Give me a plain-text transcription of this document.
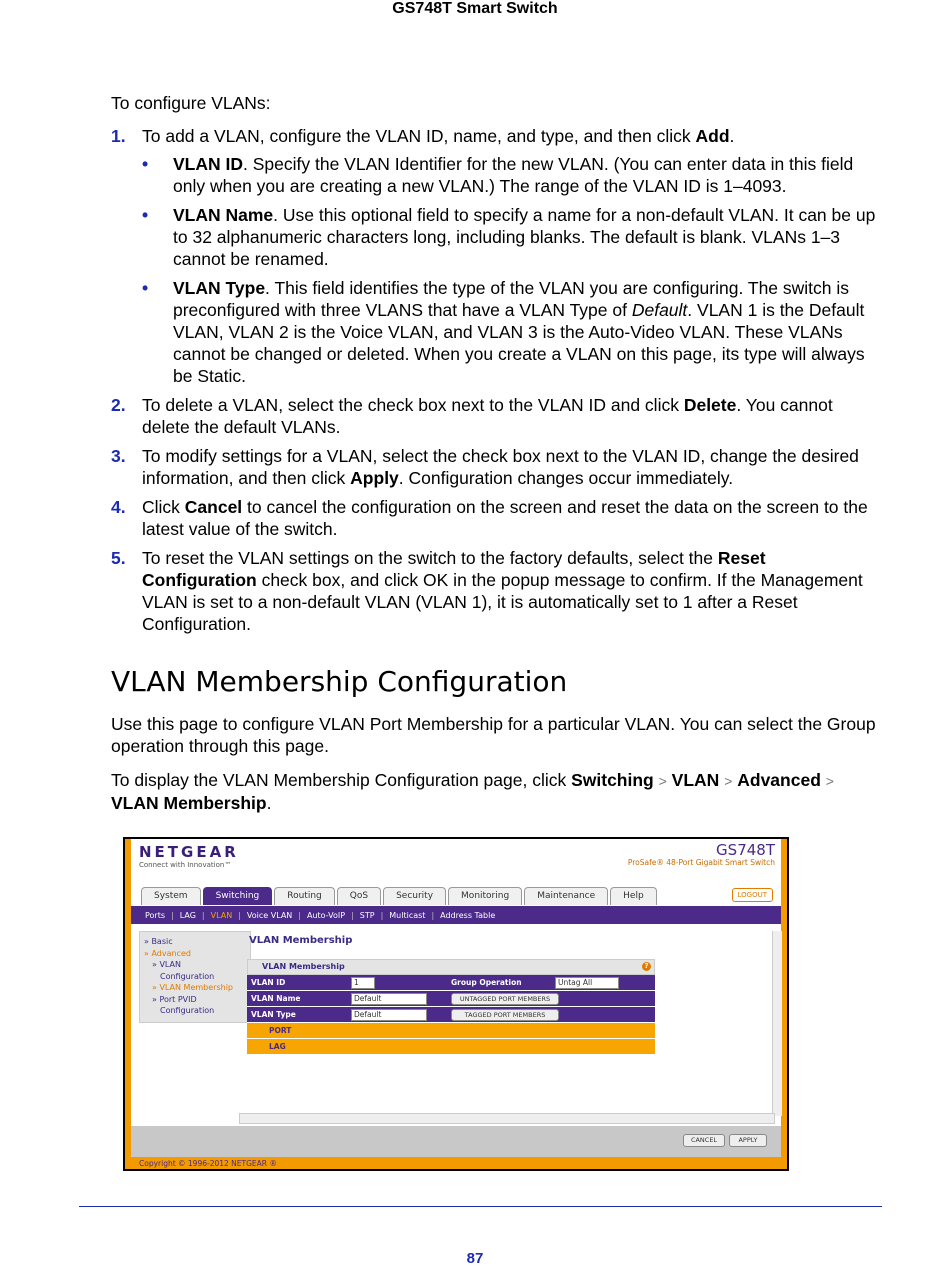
GS748T Smart Switch

To configure VLANs:

1. To add a VLAN, configure the VLAN ID, name, and type, and then click Add.
• VLAN ID. Specify the VLAN Identifier for the new VLAN. (You can enter data in this field only when you are creating a new VLAN.) The range of the VLAN ID is 1–4093.
• VLAN Name. Use this optional field to specify a name for a non-default VLAN. It can be up to 32 alphanumeric characters long, including blanks. The default is blank. VLANs 1–3 cannot be renamed.
• VLAN Type. This field identifies the type of the VLAN you are configuring. The switch is preconfigured with three VLANS that have a VLAN Type of Default. VLAN 1 is the Default VLAN, VLAN 2 is the Voice VLAN, and VLAN 3 is the Auto-Video VLAN. These VLANs cannot be changed or deleted. When you create a VLAN on this page, its type will always be Static.
2. To delete a VLAN, select the check box next to the VLAN ID and click Delete. You cannot delete the default VLANs.
3. To modify settings for a VLAN, select the check box next to the VLAN ID, change the desired information, and then click Apply. Configuration changes occur immediately.
4. Click Cancel to cancel the configuration on the screen and reset the data on the screen to the latest value of the switch.
5. To reset the VLAN settings on the switch to the factory defaults, select the Reset Configuration check box, and click OK in the popup message to confirm. If the Management VLAN is set to a non-default VLAN (VLAN 1), it is automatically set to 1 after a Reset Configuration.
VLAN Membership Configuration

Use this page to configure VLAN Port Membership for a particular VLAN. You can select the Group operation through this page.

To display the VLAN Membership Configuration page, click Switching > VLAN > Advanced > VLAN Membership.

NETGEAR
Connect with Innovation™
GS748T
ProSafe® 48-Port Gigabit Smart Switch
System	Switching	Routing	QoS	Security	Monitoring	Maintenance	Help	LOGOUT
Ports | LAG | VLAN | Voice VLAN | Auto-VoIP | STP | Multicast | Address Table
» Basic
» Advanced
» VLAN
Configuration
» VLAN Membership
» Port PVID
Configuration
VLAN Membership
VLAN Membership	?
VLAN ID	1	Group Operation	Untag All
VLAN Name	Default	UNTAGGED PORT MEMBERS
VLAN Type	Default	TAGGED PORT MEMBERS
PORT
LAG
CANCEL	APPLY
Copyright © 1996-2012 NETGEAR ®
87
